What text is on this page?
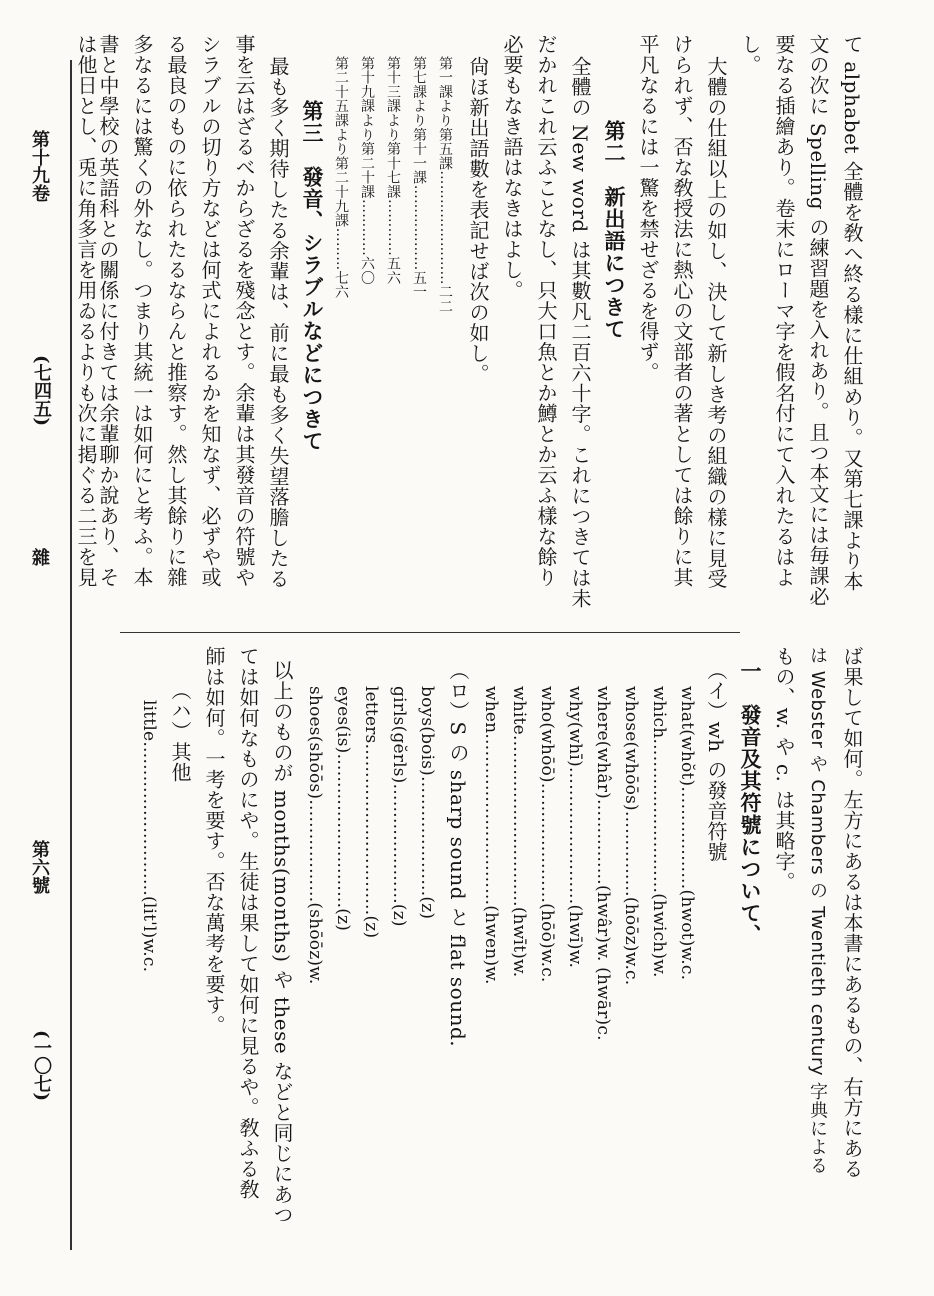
第十九卷
(七四五)
雜
第六號
(一〇七)
て alphabet 全體を敎へ終る樣に仕組めり。又第七課より本
文の次に Spelling の練習題を入れあり。且つ本文には毎課必
要なる插繪あり。卷末にローマ字を假名付にて入れたるはよ
し。
大體の仕組以上の如し、決して新しき考の組織の樣に見受
けられず、否な敎授法に熱心の文部者の著としては餘りに其
平凡なるには一驚を禁せざるを得ず。
第二　新出語につきて
全體の New word は其數凡二百六十字。これにつきては未
だかれこれ云ふことなし、只大口魚とか鱒とか云ふ樣な餘り
必要もなき語はなきはよし。
尙ほ新出語數を表記せば次の如し。
第一課より第五課……………………二二
第七課より第十一課………………五一
第十三課より第十七課…………五六
第十九課より第二十課…………六〇
第二十五課より第二十九課………七六
第三　發音、シラブルなどにつきて
最も多く期待したる余輩は、前に最も多く失望落膽したる
事を云はざるべからざるを殘念とす。余輩は其發音の符號や
シラブルの切り方などは何式によれるかを知なず、必ずや或
る最良のものに依られたるならんと推察す。然し其餘りに雜
多なるには驚くの外なし。つまり其統一は如何にと考ふ。本
書と中學校の英語科との關係に付きては余輩聊か說あり、そ
は他日とし、兎に角多言を用ゐるよりも次に掲ぐる二三を見
ば果して如何。左方にあるは本書にあるもの、右方にある
は Webster や Chambers の Twentieth century 字典による
もの、w. や c. は其略字。
一　發音及其符號について、
（イ）wh の發音符號
what(whŏt)………………(hwot)w.c.
which………………………(hwich)w.
whose(whōōs)……………(hōōz)w.c.
where(whâr)……………(hwâr)w. (hwār)c.
why(whī)……………………(hwī)w.
who(whōō)…………………(hōō)w.c.
white…………………………(hwīt)w.
when…………………………(hwen)w.
（ロ）S の sharp sound と flat sound.
boys(bois)…………………(z)
girls(gĕrls)…………………(z)
letters…………………………(z)
eyes(is)………………………(z)
shoes(shōōs)………………(shōōz)w.
以上のものが months(months) や these などと同じにあつ
ては如何なものにや。生徒は果して如何に見るや。敎ふる敎
師は如何。一考を要す。否な萬考を要す。
（ハ）其他
little………………………(lit'l)w.c.
